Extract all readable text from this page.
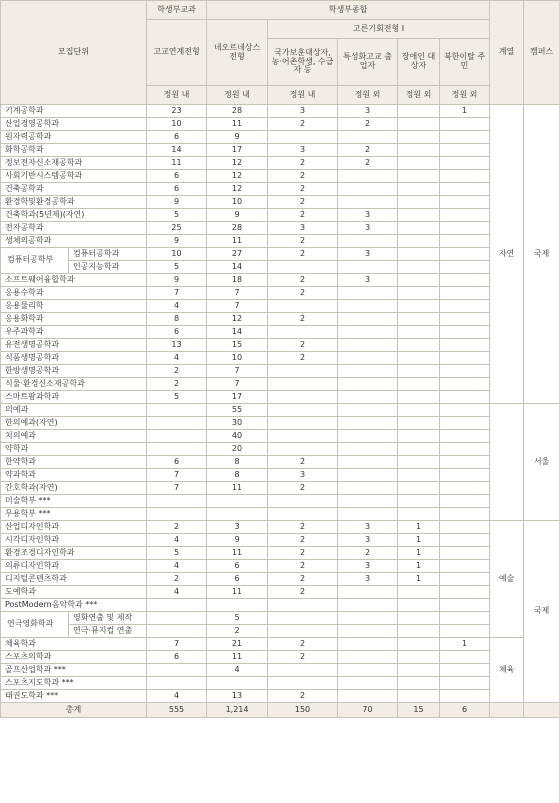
모집단위		학생부교과	학생부종합					계열	캠퍼스
		고교연계전형	네오르네상스 전형	고른기회전형 I					
				국가보훈대상자, 농·어촌학생, 수급자 등	특성화고교 출업자	장애인 대상자	북한이탈 주민		
		정원 내	정원 내	정원 내	정원 외	정원 외	정원 외		
기계공학과		23	28	3	3		1	자연	국제
산업경영공학과		10	11	2	2				
원자력공학과		6	9						
화학공학과		14	17	3	2				
정보전자신소재공학과		11	12	2	2				
사회기반시스템공학과		6	12	2					
건축공학과		6	12	2					
환경학및환경공학과		9	10	2					
건축학과(5년제)(자연)		5	9	2	3				
전자공학과		25	28	3	3				
생체의공학과		9	11	2					
컴퓨터공학부	컴퓨터공학과	10	27	2	3				
	인공지능학과	5	14						
소프트웨어융합학과		9	18	2	3				
응용수학과		7	7	2					
응용물리학		4	7						
응용화학과		8	12	2					
우주과학과		6	14						
유전생명공학과		13	15	2					
식품생명공학과		4	10	2					
한방생명공학과		2	7						
식물·환경신소재공학과		2	7						
스마트팜과학과		5	17						
의예과			55						서울
한의예과(자연)			30						
치의예과			40						
약학과			20						
한약학과		6	8	2					
약과학과		7	8	3					
간호학과(자연)		7	11	2					
미술학부 ***									
무용학부 ***									
산업디자인학과		2	3	2	3	1		예술	국제
시각디자인학과		4	9	2	3	1			
환경조경디자인학과		5	11	2	2	1			
의류디자인학과		4	6	2	3	1			
디지털콘텐츠학과		2	6	2	3	1			
도예학과		4	11	2					
PostModern음악학과 ***									
연극영화학과	영화연출 및 제작		5						
	연극·뮤지컬 연출		2						
체육학과		7	21	2			1	체육	
스포츠의학과		6	11	2					
골프산업학과 ***			4						
스포츠지도학과 ***									
태권도학과 ***		4	13	2					
총계		555	1,214	150	70	15	6		
